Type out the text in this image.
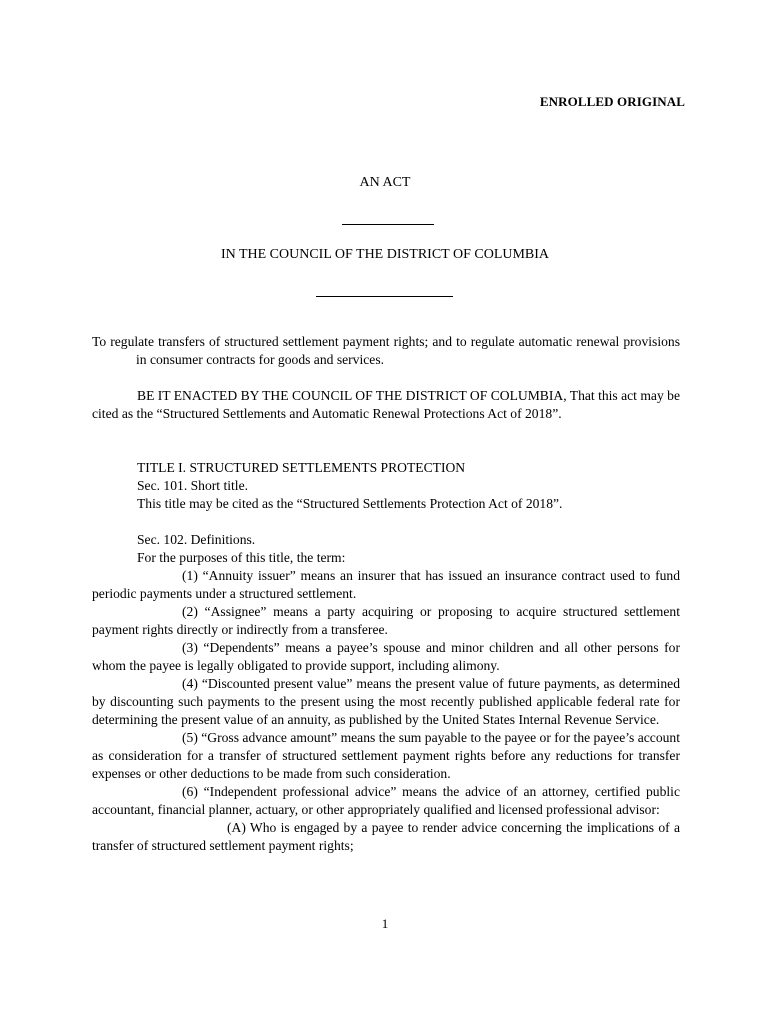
ENROLLED ORIGINAL
AN ACT
IN THE COUNCIL OF THE DISTRICT OF COLUMBIA

To regulate transfers of structured settlement payment rights; and to regulate automatic renewal provisions in consumer contracts for goods and services.

BE IT ENACTED BY THE COUNCIL OF THE DISTRICT OF COLUMBIA, That this act may be cited as the “Structured Settlements and Automatic Renewal Protections Act of 2018”.

TITLE I. STRUCTURED SETTLEMENTS PROTECTION

Sec. 101. Short title.

This title may be cited as the “Structured Settlements Protection Act of 2018”.

Sec. 102. Definitions.

For the purposes of this title, the term:

(1) “Annuity issuer” means an insurer that has issued an insurance contract used to fund periodic payments under a structured settlement.

(2) “Assignee” means a party acquiring or proposing to acquire structured settlement payment rights directly or indirectly from a transferee.

(3) “Dependents” means a payee’s spouse and minor children and all other persons for whom the payee is legally obligated to provide support, including alimony.

(4) “Discounted present value” means the present value of future payments, as determined by discounting such payments to the present using the most recently published applicable federal rate for determining the present value of an annuity, as published by the United States Internal Revenue Service.

(5) “Gross advance amount” means the sum payable to the payee or for the payee’s account as consideration for a transfer of structured settlement payment rights before any reductions for transfer expenses or other deductions to be made from such consideration.

(6) “Independent professional advice” means the advice of an attorney, certified public accountant, financial planner, actuary, or other appropriately qualified and licensed professional advisor:

(A) Who is engaged by a payee to render advice concerning the implications of a transfer of structured settlement payment rights;

1
